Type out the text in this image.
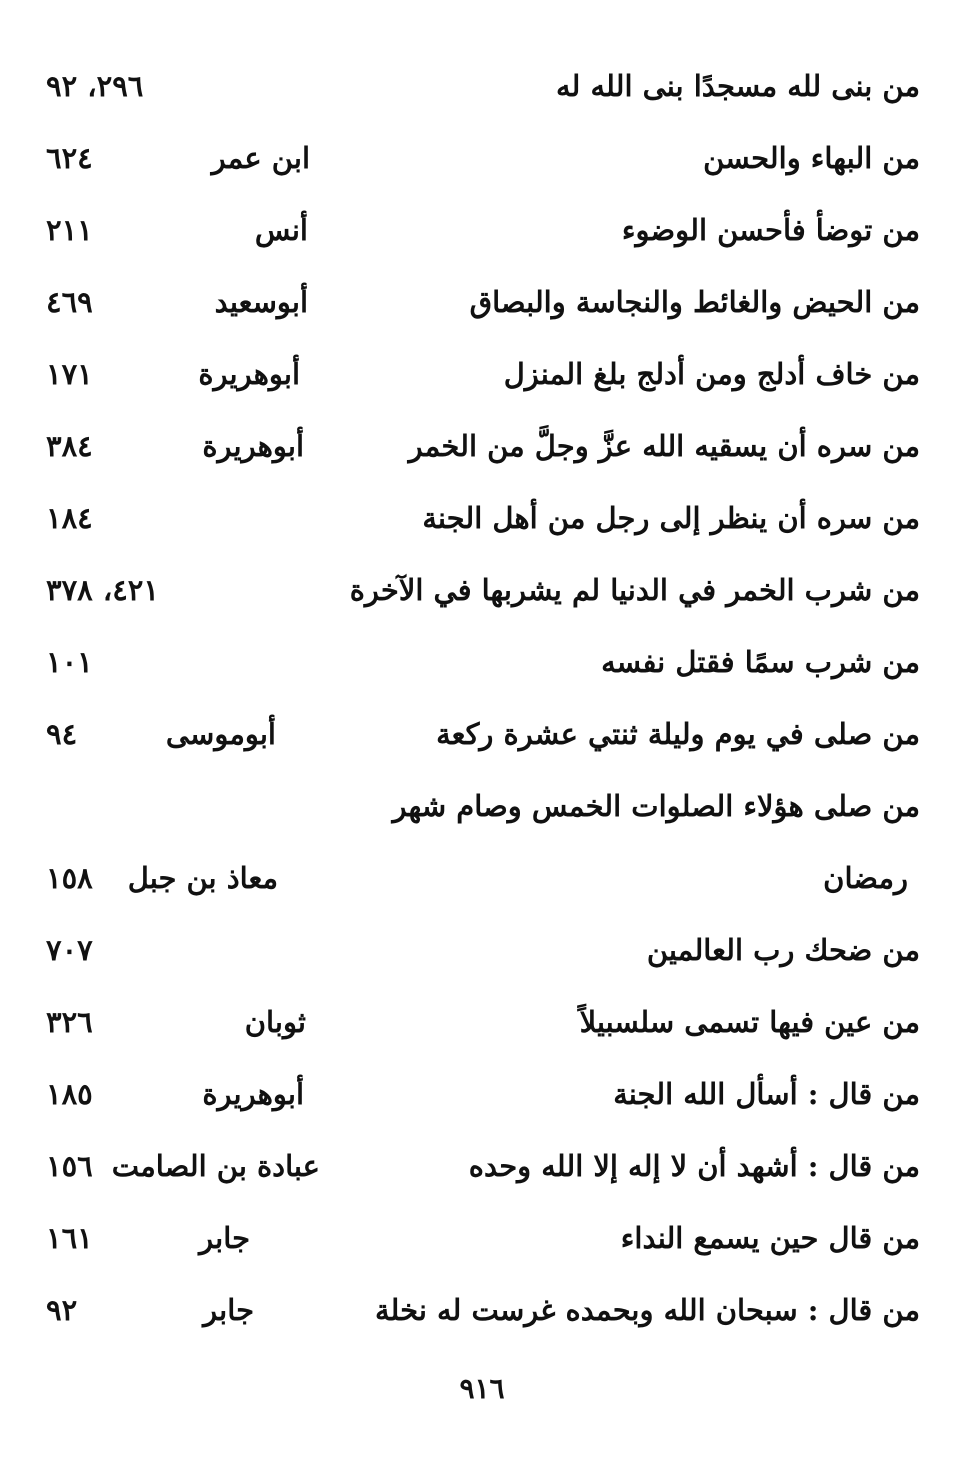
من بنى لله مسجدًا بنى الله له
٢٩٦، ٩٢
من البهاء والحسن
ابن عمر
٦٢٤
من توضأ فأحسن الوضوء
أنس
٢١١
من الحيض والغائط والنجاسة والبصاق
أبوسعيد
٤٦٩
من خاف أدلج ومن أدلج بلغ المنزل
أبوهريرة
١٧١
من سره أن يسقيه الله عزَّ وجلَّ من الخمر
أبوهريرة
٣٨٤
من سره أن ينظر إلى رجل من أهل الجنة
١٨٤
من شرب الخمر في الدنيا لم يشربها في الآخرة
٤٢١، ٣٧٨
من شرب سمًا فقتل نفسه
١٠١
من صلى في يوم وليلة ثنتي عشرة ركعة
أبوموسى
٩٤
من صلى هؤلاء الصلوات الخمس وصام شهر
رمضان
معاذ بن جبل
١٥٨
من ضحك رب العالمين
٧٠٧
من عين فيها تسمى سلسبيلاً
ثوبان
٣٢٦
من قال : أسأل الله الجنة
أبوهريرة
١٨٥
من قال : أشهد أن لا إله إلا الله وحده
عبادة بن الصامت
١٥٦
من قال حين يسمع النداء
جابر
١٦١
من قال : سبحان الله وبحمده غرست له نخلة
جابر
٩٢
٩١٦
